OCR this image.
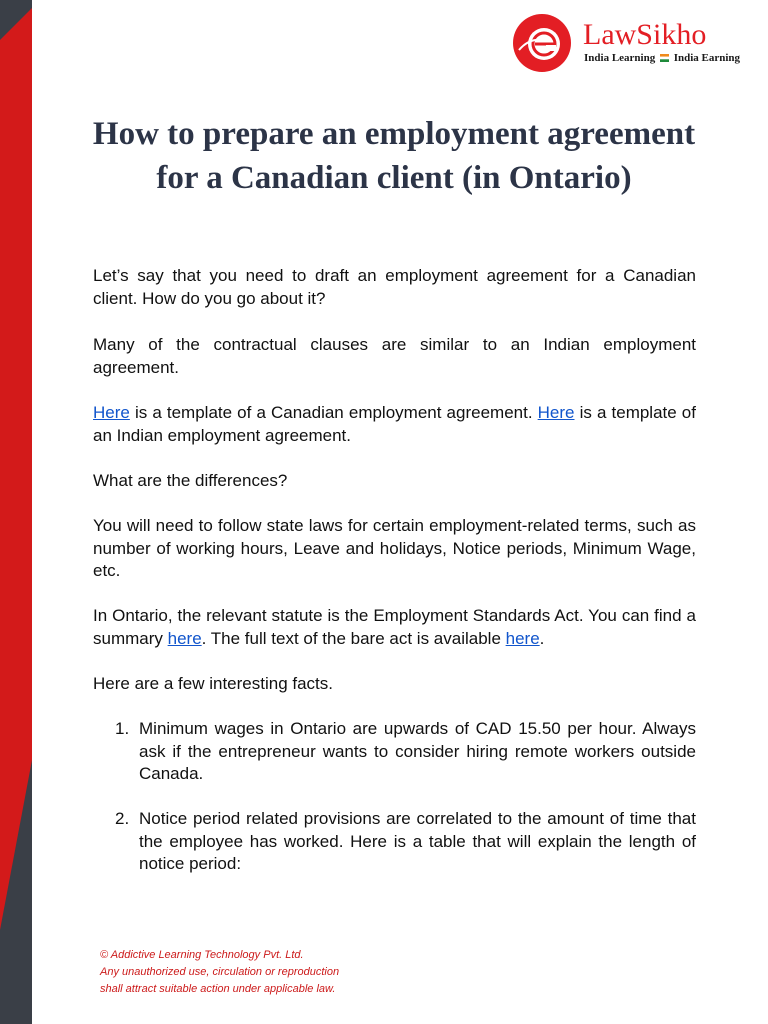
LawSikho
India Learning India Earning
How to prepare an employment agreement for a Canadian client (in Ontario)

Let’s say that you need to draft an employment agreement for a Canadian client. How do you go about it?

Many of the contractual clauses are similar to an Indian employment agreement.

Here is a template of a Canadian employment agreement. Here is a template of an Indian employment agreement.

What are the differences?

You will need to follow state laws for certain employment-related terms, such as number of working hours, Leave and holidays, Notice periods, Minimum Wage, etc.

In Ontario, the relevant statute is the Employment Standards Act. You can find a summary here. The full text of the bare act is available here.

Here are a few interesting facts.

1. Minimum wages in Ontario are upwards of CAD 15.50 per hour. Always ask if the entrepreneur wants to consider hiring remote workers outside Canada.
2. Notice period related provisions are correlated to the amount of time that the employee has worked. Here is a table that will explain the length of notice period:
© Addictive Learning Technology Pvt. Ltd.
Any unauthorized use, circulation or reproduction
shall attract suitable action under applicable law.
